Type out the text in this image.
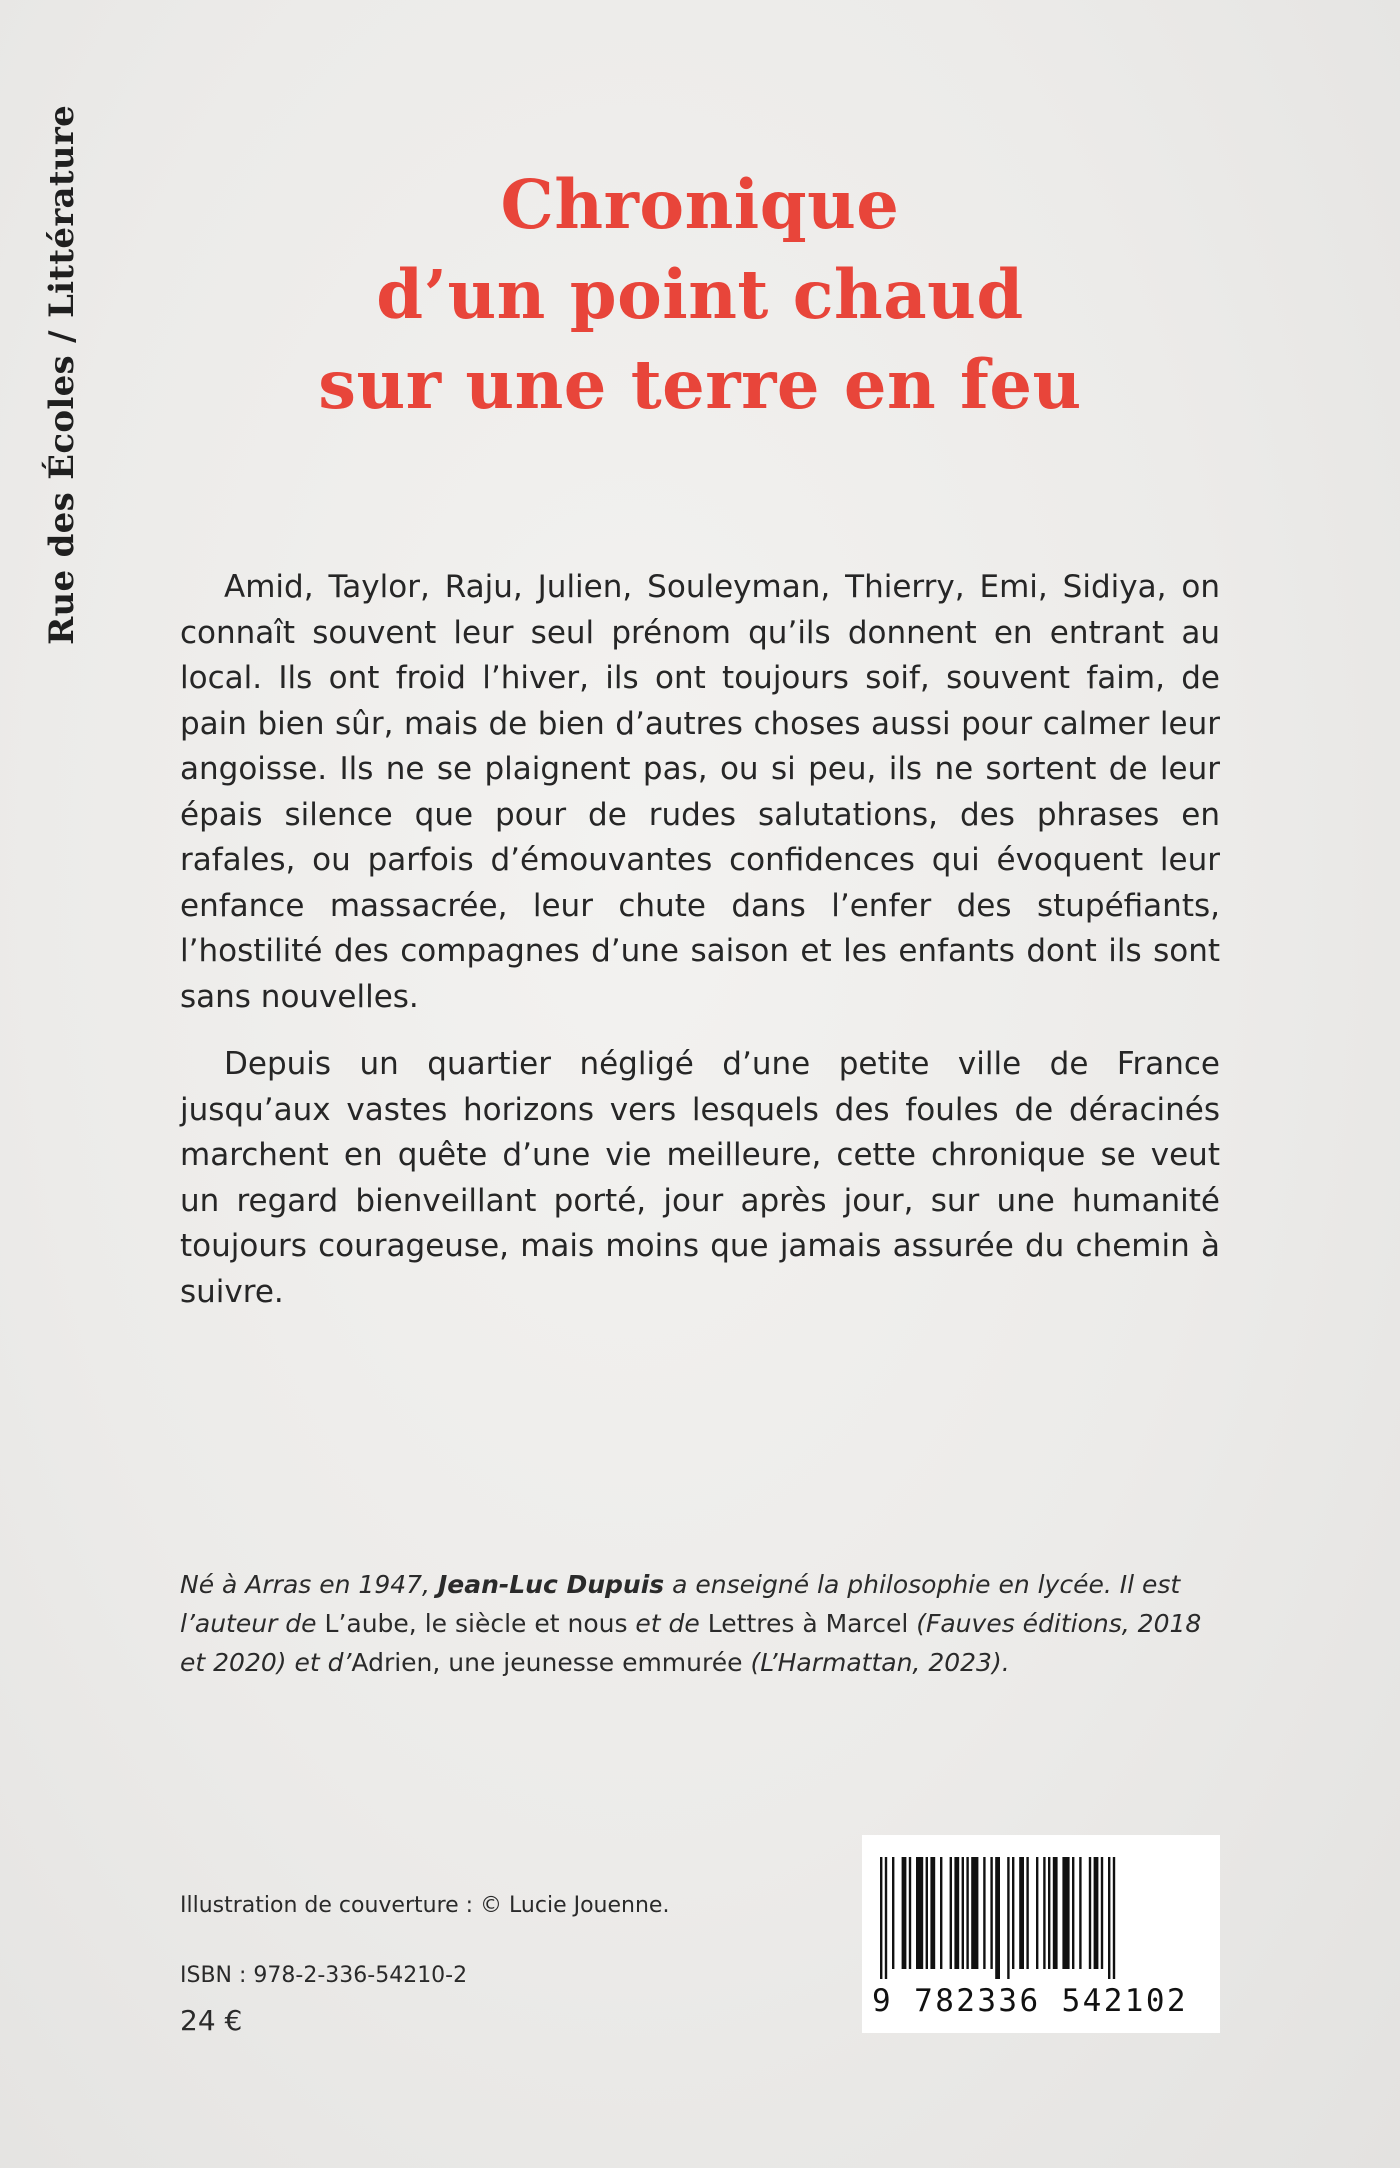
Rue des Écoles / Littérature	Chronique
d’un point chaud
sur une terre en feu

Amid, Taylor, Raju, Julien, Souleyman, Thierry, Emi, Sidiya, on connaît souvent leur seul prénom qu’ils donnent en entrant au local. Ils ont froid l’hiver, ils ont toujours soif, souvent faim, de pain bien sûr, mais de bien d’autres choses aussi pour calmer leur angoisse. Ils ne se plaignent pas, ou si peu, ils ne sortent de leur épais silence que pour de rudes salutations, des phrases en rafales, ou parfois d’émouvantes confidences qui évoquent leur enfance massacrée, leur chute dans l’enfer des stupéfiants, l’hostilité des compagnes d’une saison et les enfants dont ils sont sans nouvelles.

Depuis un quartier négligé d’une petite ville de France jusqu’aux vastes horizons vers lesquels des foules de déracinés marchent en quête d’une vie meilleure, cette chronique se veut un regard bienveillant porté, jour après jour, sur une humanité toujours courageuse, mais moins que jamais assurée du chemin à suivre.

Né à Arras en 1947, Jean-Luc Dupuis a enseigné la philosophie en lycée. Il est l’auteur de L’aube, le siècle et nous et de Lettres à Marcel (Fauves éditions, 2018 et 2020) et d’Adrien, une jeunesse emmurée (L’Harmattan, 2023).
Illustration de couverture : © Lucie Jouenne.
ISBN : 978-2-336-54210-2
24 €
9 782336 542102
